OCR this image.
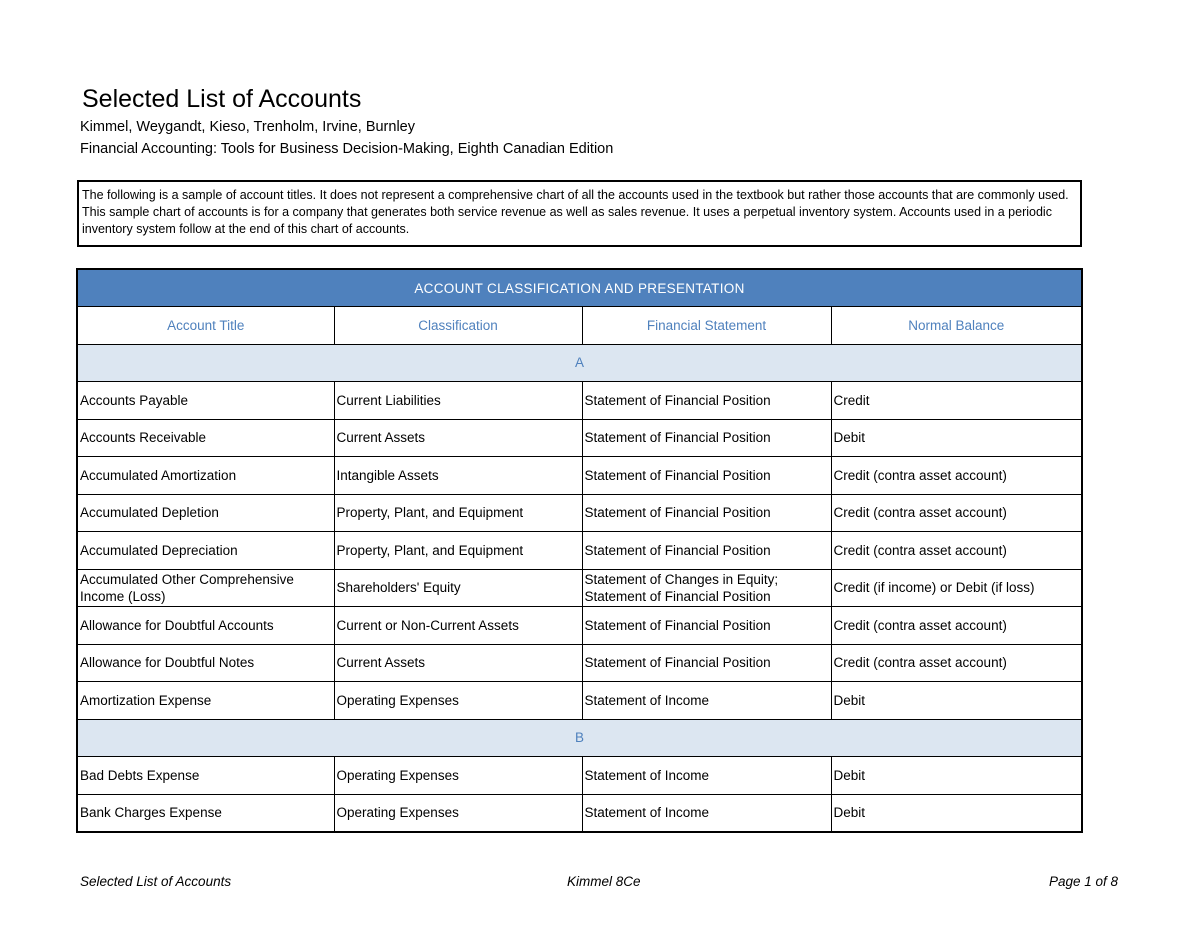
Selected List of Accounts
Kimmel, Weygandt, Kieso, Trenholm, Irvine, Burnley
Financial Accounting: Tools for Business Decision-Making, Eighth Canadian Edition
The following is a sample of account titles. It does not represent a comprehensive chart of all the accounts used in the textbook but rather those accounts that are commonly used. This sample chart of accounts is for a company that generates both service revenue as well as sales revenue. It uses a perpetual inventory system. Accounts used in a periodic inventory system follow at the end of this chart of accounts.
ACCOUNT CLASSIFICATION AND PRESENTATION			
Account Title	Classification	Financial Statement	Normal Balance
A			
Accounts Payable	Current Liabilities	Statement of Financial Position	Credit
Accounts Receivable	Current Assets	Statement of Financial Position	Debit
Accumulated Amortization	Intangible Assets	Statement of Financial Position	Credit (contra asset account)
Accumulated Depletion	Property, Plant, and Equipment	Statement of Financial Position	Credit (contra asset account)
Accumulated Depreciation	Property, Plant, and Equipment	Statement of Financial Position	Credit (contra asset account)
Accumulated Other Comprehensive Income (Loss)	Shareholders' Equity	Statement of Changes in Equity; Statement of Financial Position	Credit (if income) or Debit (if loss)
Allowance for Doubtful Accounts	Current or Non-Current Assets	Statement of Financial Position	Credit (contra asset account)
Allowance for Doubtful Notes	Current Assets	Statement of Financial Position	Credit (contra asset account)
Amortization Expense	Operating Expenses	Statement of Income	Debit
B			
Bad Debts Expense	Operating Expenses	Statement of Income	Debit
Bank Charges Expense	Operating Expenses	Statement of Income	Debit
Selected List of Accounts	Kimmel 8Ce	Page 1 of 8
